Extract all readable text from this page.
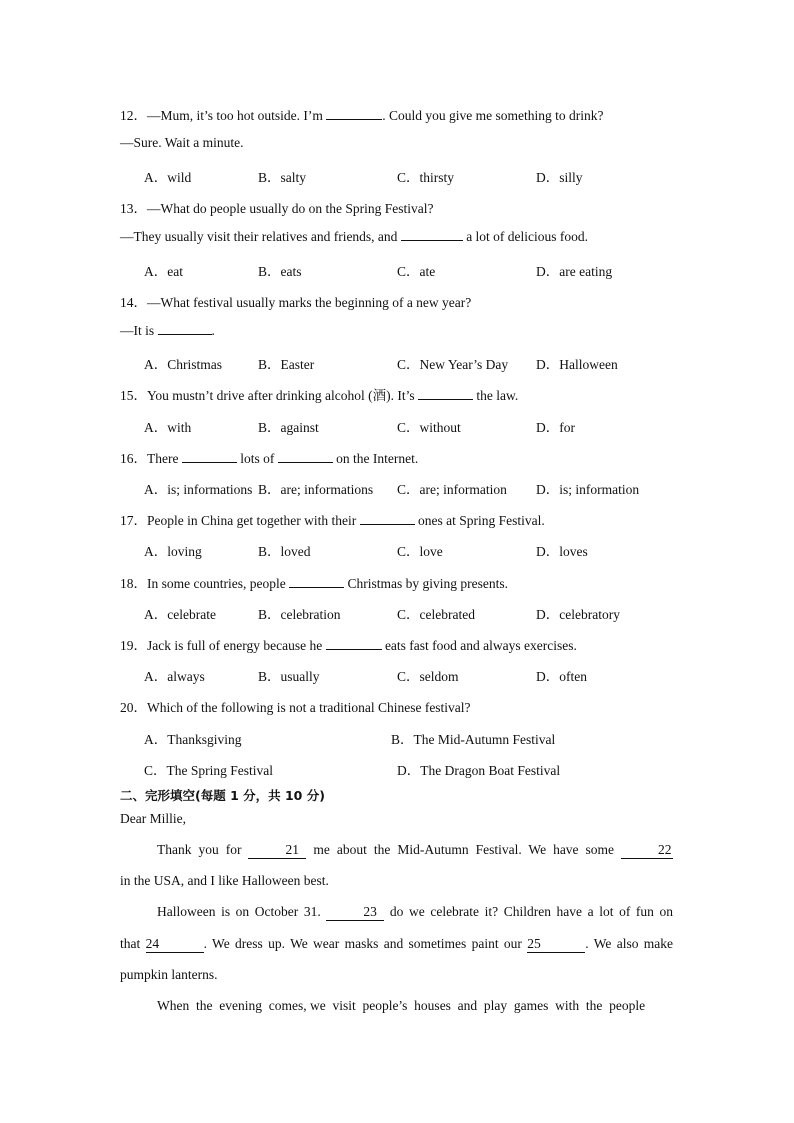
12．—Mum, it’s too hot outside. I’m	. Could you give me something to drink?
—Sure. Wait a minute.
A．wild	B．salty	C．thirsty	D．silly
13．—What do people usually do on the Spring Festival?
—They usually visit their relatives and friends, and	a lot of delicious food.
A．eat	B．eats	C．ate	D．are eating
14．—What festival usually marks the beginning of a new year?
—It is	.
A．Christmas	B．Easter	C．New Year’s Day D．Halloween
15．You mustn’t drive after drinking alcohol (酒). It’s	the law.
A．with	B．against	C．without	D．for
16．There	lots of	on the Internet.
A．is; informations B．are; informations C．are; information D．is; information
17．People in China get together with their	ones at Spring Festival.
A．loving	B．loved	C．love	D．loves
18．In some countries, people	Christmas by giving presents.
A．celebrate	B．celebration	C．celebrated	D．celebratory
19．Jack is full of energy because he	eats fast food and always exercises.
A．always	B．usually	C．seldom	D．often
20．Which of the following is not a traditional Chinese festival?
A．Thanksgiving	B．The Mid-Autumn Festival
C．The Spring Festival	D．The Dragon Boat Festival
二、完形填空(每题 1 分，共 10 分)
Dear Millie,
Thank you for	21 me about the Mid-Autumn Festival. We have some	22
in the USA, and I like Halloween best.
Halloween is on October 31.	23 do we celebrate it? Children have a lot of fun on
that 24	. We dress up. We wear masks and sometimes paint our 25	. We also make
pumpkin lanterns.
When  the  evening  comes, we  visit  people’s  houses  and  play  games  with  the  people
